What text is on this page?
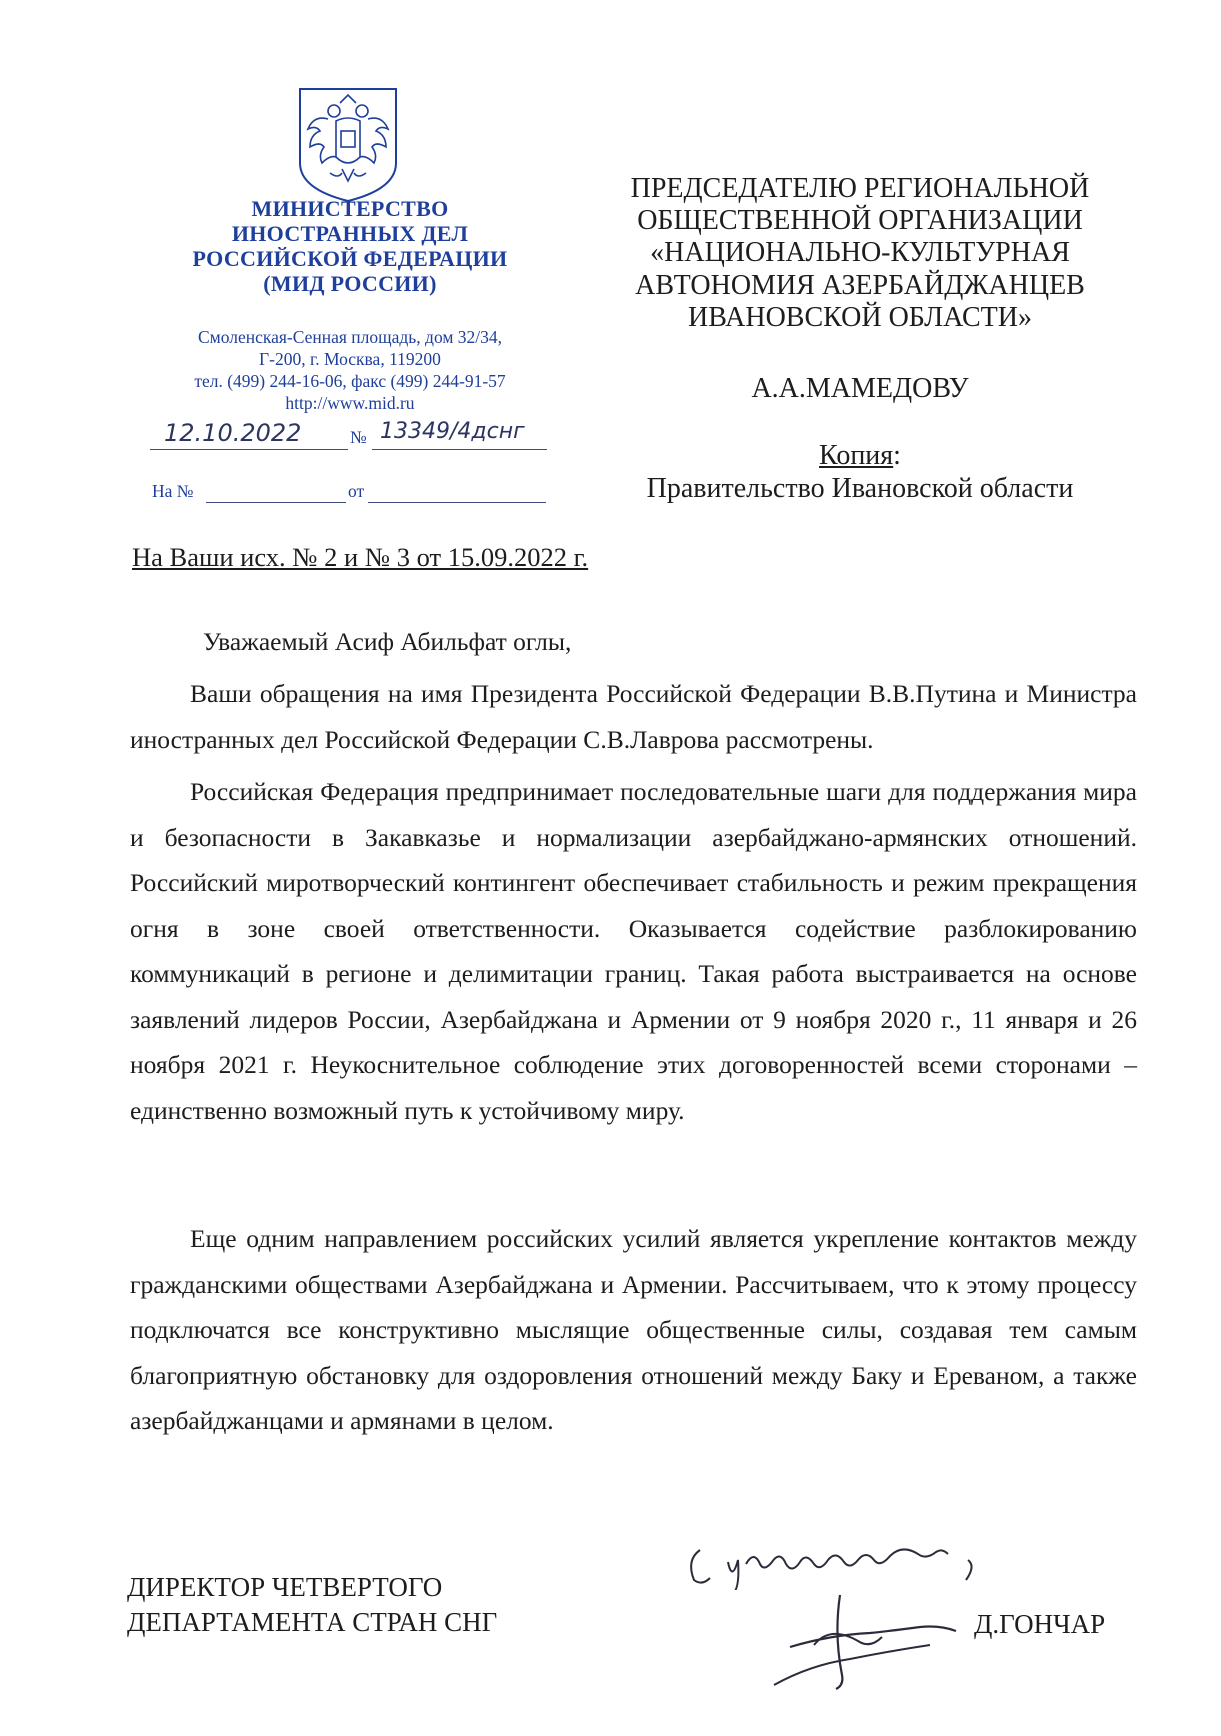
МИНИСТЕРСТВО
ИНОСТРАННЫХ ДЕЛ
РОССИЙСКОЙ ФЕДЕРАЦИИ
(МИД РОССИИ)
Смоленская-Сенная площадь, дом 32/34,
Г-200, г. Москва, 119200
тел. (499) 244-16-06, факс (499) 244-91-57
http://www.mid.ru
12.10.2022	№ 13349/4дснг
На №	от
ПРЕДСЕДАТЕЛЮ РЕГИОНАЛЬНОЙ
ОБЩЕСТВЕННОЙ ОРГАНИЗАЦИИ
«НАЦИОНАЛЬНО-КУЛЬТУРНАЯ
АВТОНОМИЯ АЗЕРБАЙДЖАНЦЕВ
ИВАНОВСКОЙ ОБЛАСТИ»
А.А.МАМЕДОВУ
Копия:
Правительство Ивановской области
На Ваши исх. № 2 и № 3 от 15.09.2022 г.
Уважаемый Асиф Абильфат оглы,

Ваши обращения на имя Президента Российской Федерации В.В.Путина и Министра иностранных дел Российской Федерации С.В.Лаврова рассмотрены.

Российская Федерация предпринимает последовательные шаги для поддержания мира и безопасности в Закавказье и нормализации азербайджано-армянских отношений. Российский миротворческий контингент обеспечивает стабильность и режим прекращения огня в зоне своей ответственности. Оказывается содействие разблокированию коммуникаций в регионе и делимитации границ. Такая работа выстраивается на основе заявлений лидеров России, Азербайджана и Армении от 9 ноября 2020 г., 11 января и 26 ноября 2021 г. Неукоснительное соблюдение этих договоренностей всеми сторонами – единственно возможный путь к устойчивому миру.

Еще одним направлением российских усилий является укрепление контактов между гражданскими обществами Азербайджана и Армении. Рассчитываем, что к этому процессу подключатся все конструктивно мыслящие общественные силы, создавая тем самым благоприятную обстановку для оздоровления отношений между Баку и Ереваном, а также азербайджанцами и армянами в целом.

ДИРЕКТОР ЧЕТВЕРТОГО
ДЕПАРТАМЕНТА СТРАН СНГ	Д.ГОНЧАР
